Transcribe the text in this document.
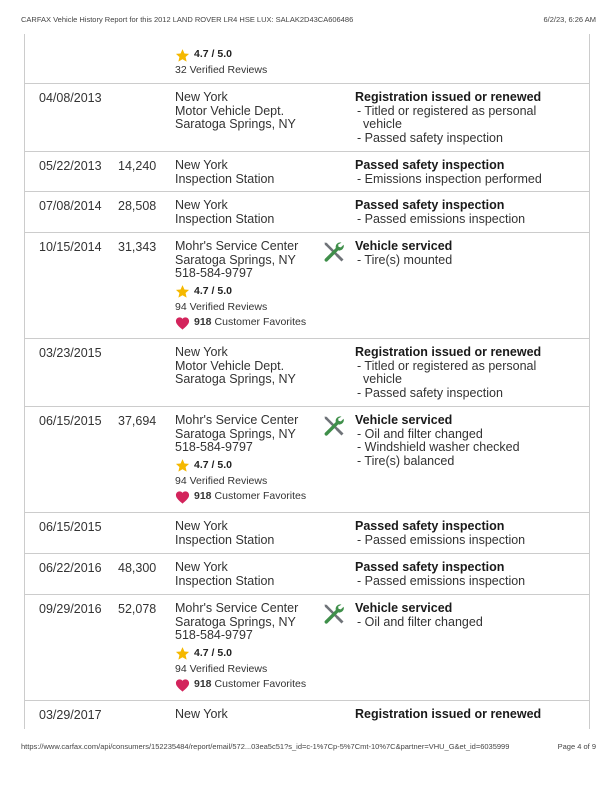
CARFAX Vehicle History Report for this 2012 LAND ROVER LR4 HSE LUX: SALAK2D43CA606486	6/2/23, 6:26 AM
4.7 / 5.0
32 Verified Reviews
04/08/2013	New York
Motor Vehicle Dept.
Saratoga Springs, NY
Registration issued or renewed
- Titled or registered as personal vehicle
- Passed safety inspection
05/22/2013 14,240 New York
Inspection Station
Passed safety inspection
- Emissions inspection performed
07/08/2014 28,508 New York
Inspection Station
Passed safety inspection
- Passed emissions inspection
10/15/2014 31,343 Mohr's Service Center
Saratoga Springs, NY
518-584-9797
4.7 / 5.0
94 Verified Reviews
918 Customer Favorites
Vehicle serviced
- Tire(s) mounted
03/23/2015	New York
Motor Vehicle Dept.
Saratoga Springs, NY
Registration issued or renewed
- Titled or registered as personal vehicle
- Passed safety inspection
06/15/2015 37,694 Mohr's Service Center
Saratoga Springs, NY
518-584-9797
4.7 / 5.0
94 Verified Reviews
918 Customer Favorites
Vehicle serviced
- Oil and filter changed
- Windshield washer checked
- Tire(s) balanced
06/15/2015	New York
Inspection Station
Passed safety inspection
- Passed emissions inspection
06/22/2016 48,300 New York
Inspection Station
Passed safety inspection
- Passed emissions inspection
09/29/2016 52,078 Mohr's Service Center
Saratoga Springs, NY
518-584-9797
4.7 / 5.0
94 Verified Reviews
918 Customer Favorites
Vehicle serviced
- Oil and filter changed
03/29/2017	New York	Registration issued or renewed
https://www.carfax.com/api/consumers/152235484/report/email/572...03ea5c51?s_id=c-1%7Cp-5%7Cmt-10%7C&partner=VHU_G&et_id=6035999	Page 4 of 9
